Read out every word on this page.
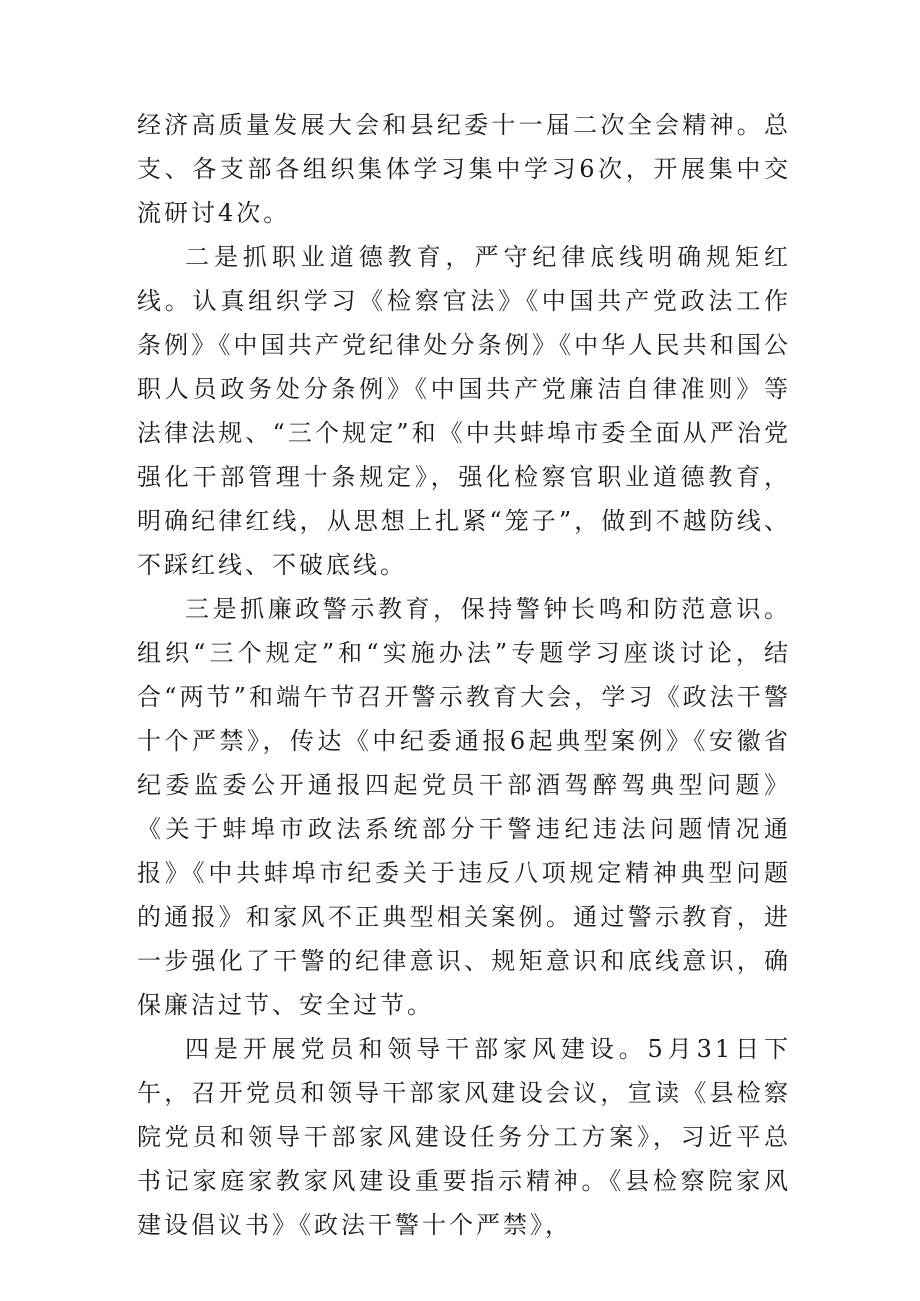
经济高质量发展大会和县纪委十一届二次全会精神。总支、各支部各组织集体学习集中学习6次，开展集中交流研讨4次。

二是抓职业道德教育，严守纪律底线明确规矩红线。认真组织学习《检察官法》《中国共产党政法工作条例》《中国共产党纪律处分条例》《中华人民共和国公职人员政务处分条例》《中国共产党廉洁自律准则》等法律法规、“三个规定”和《中共蚌埠市委全面从严治党强化干部管理十条规定》，强化检察官职业道德教育，明确纪律红线，从思想上扎紧“笼子”，做到不越防线、不踩红线、不破底线。

三是抓廉政警示教育，保持警钟长鸣和防范意识。组织“三个规定”和“实施办法”专题学习座谈讨论，结合“两节”和端午节召开警示教育大会，学习《政法干警十个严禁》，传达《中纪委通报6起典型案例》《安徽省纪委监委公开通报四起党员干部酒驾醉驾典型问题》《关于蚌埠市政法系统部分干警违纪违法问题情况通报》《中共蚌埠市纪委关于违反八项规定精神典型问题的通报》和家风不正典型相关案例。通过警示教育，进一步强化了干警的纪律意识、规矩意识和底线意识，确保廉洁过节、安全过节。

四是开展党员和领导干部家风建设。5月31日下午，召开党员和领导干部家风建设会议，宣读《县检察院党员和领导干部家风建设任务分工方案》，习近平总书记家庭家教家风建设重要指示精神。《县检察院家风建设倡议书》《政法干警十个严禁》，
